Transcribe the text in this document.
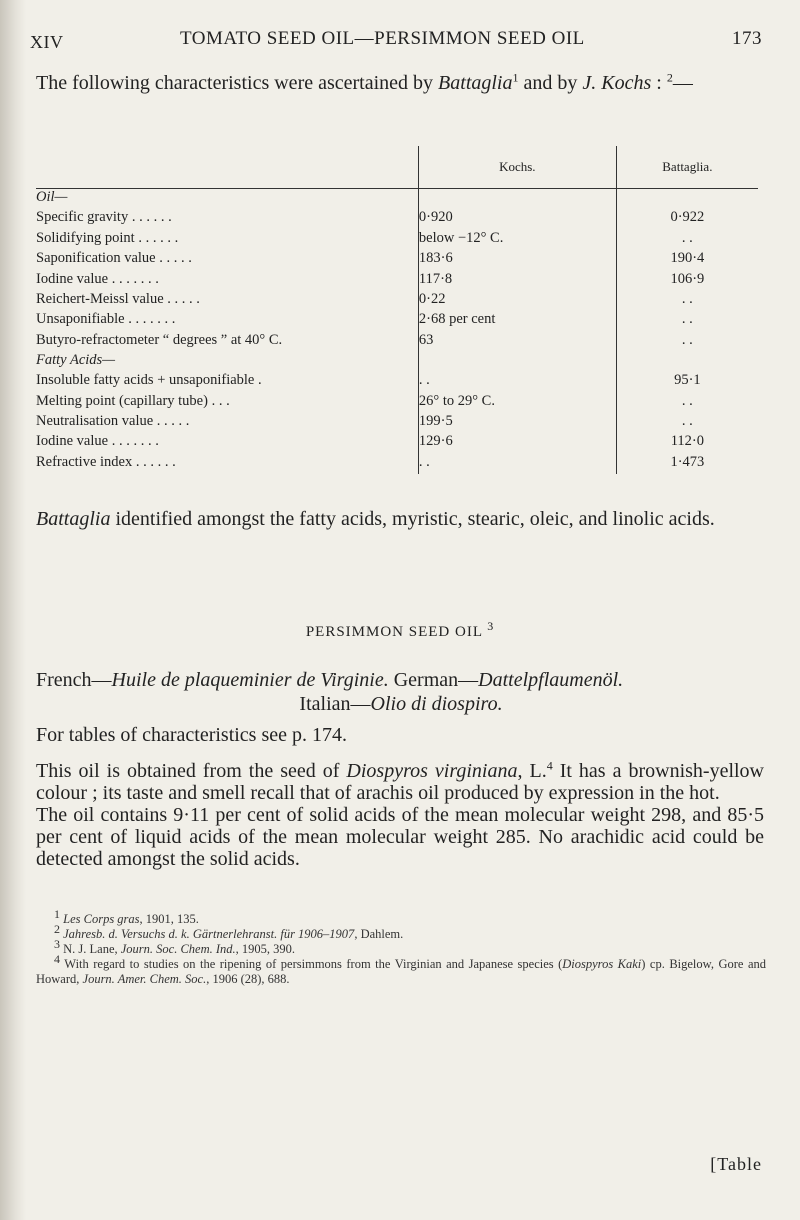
XIV	TOMATO SEED OIL—PERSIMMON SEED OIL	173

The following characteristics were ascertained by Battaglia$^1$ and by J. Kochs : $^2$—

	Kochs.	Battaglia.
Oil—		
Specific gravity . . . . . .	0·920	0·922
Solidifying point . . . . . .	below −12° C.	. .
Saponification value . . . . .	183·6	190·4
Iodine value . . . . . . .	117·8	106·9
Reichert-Meissl value . . . . .	0·22	. .
Unsaponifiable . . . . . . .	2·68 per cent	. .
Butyro-refractometer “ degrees ” at 40° C.	63	. .
Fatty Acids—		
Insoluble fatty acids + unsaponifiable .	. .	95·1
Melting point (capillary tube) . . .	26° to 29° C.	. .
Neutralisation value . . . . .	199·5	. .
Iodine value . . . . . . .	129·6	112·0
Refractive index . . . . . .	. .	1·473

Battaglia identified amongst the fatty acids, myristic, stearic, oleic, and linolic acids.

PERSIMMON SEED OIL $^3$

French—Huile de plaqueminier de Virginie. German—Dattelpflaumenöl.
Italian—Olio di diospiro.

For tables of characteristics see p. 174.

This oil is obtained from the seed of Diospyros virginiana, L.$^4$ It has a brownish-yellow colour ; its taste and smell recall that of arachis oil produced by expression in the hot.

The oil contains 9·11 per cent of solid acids of the mean molecular weight 298, and 85·5 per cent of liquid acids of the mean molecular weight 285. No arachidic acid could be detected amongst the solid acids.

$^1$ Les Corps gras, 1901, 135.

$^2$ Jahresb. d. Versuchs d. k. Gärtnerlehranst. für 1906–1907, Dahlem.

$^3$ N. J. Lane, Journ. Soc. Chem. Ind., 1905, 390.

$^4$ With regard to studies on the ripening of persimmons from the Virginian and Japanese species (Diospyros Kaki) cp. Bigelow, Gore and Howard, Journ. Amer. Chem. Soc., 1906 (28), 688.

[Table
